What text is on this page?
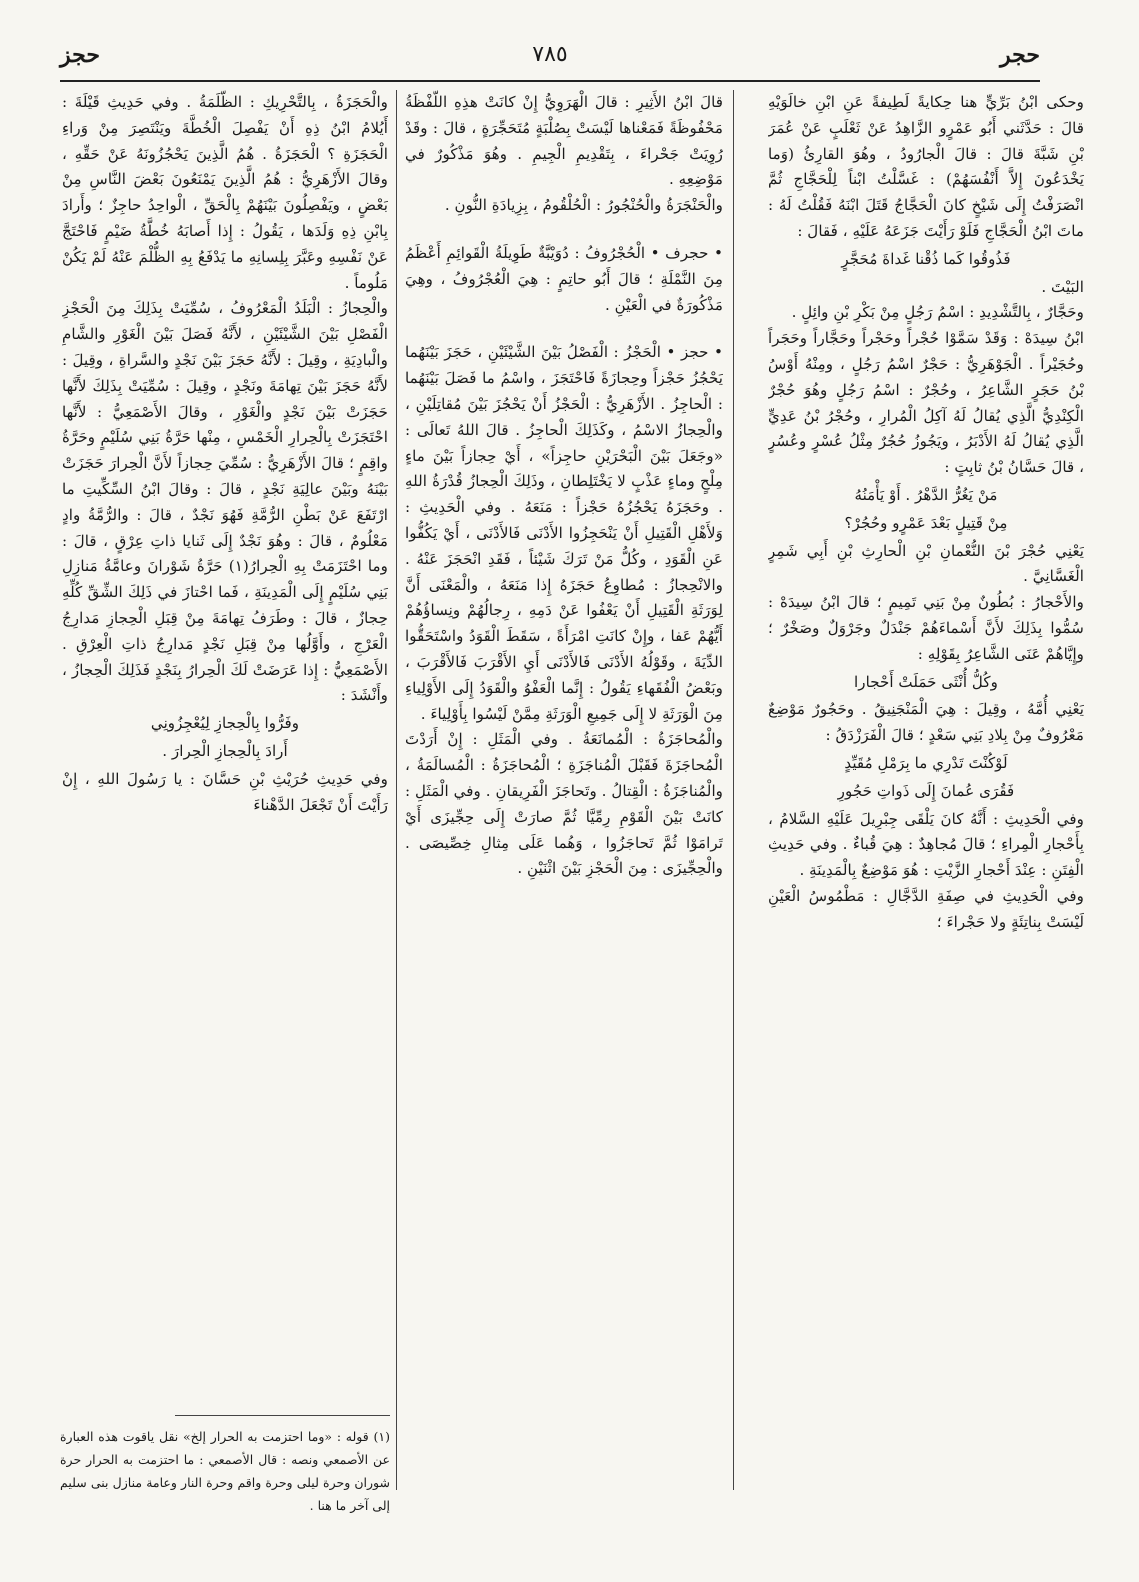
حجر
٧٨٥
حجز

وحكى ابْنُ بَرِّيٍّ هنا حِكايةً لَطِيفةً عَنِ ابْنِ خالَوَيْهِ قالَ : حَدَّثَني أَبُو عَمْرٍو الزَّاهِدُ عَنْ ثَعْلَبٍ عَنْ عُمَرَ بْنِ شَبَّةَ قالَ : قالَ الْجارُودُ ، وهُوَ القارِئُ (وَما يَخْدَعُونَ إِلاَّ أَنْفُسَهُمْ) : غَسَّلْتُ ابْناً لِلْحَجَّاجِ ثُمَّ انْصَرَفْتُ إِلَى شَيْخٍ كانَ الْحَجَّاجُ قَتَلَ ابْنَهُ فَقُلْتُ لَهُ : ماتَ ابْنُ الْحَجَّاجِ فَلَوْ رَأَيْتَ جَزَعَهُ عَلَيْهِ ، فَقالَ :

فَذُوقُوا كَما ذُقْنا غَداةَ مُحَجَّرٍ

البَيْتَ .

وحَجَّارٌ ، بِالتَّشْدِيدِ : اسْمُ رَجُلٍ مِنْ بَكْرِ بْنِ وائِلٍ .

ابْنُ سِيدَهْ : وَقَدْ سَمَّوْا حُجْراً وحَجْراً وحَجَّاراً وحَجَراً وحُجَيْراً . الْجَوْهَرِيُّ : حَجْرٌ اسْمُ رَجُلٍ ، ومِنْهُ أَوْسُ بْنُ حَجَرٍ الشَّاعِرُ ، وحُجْرٌ : اسْمُ رَجُلٍ وهُوَ حُجْرٌ الْكِنْدِيُّ الَّذِي يُقالُ لَهُ آكِلُ الْمُرارِ ، وحُجْرُ بْنُ عَدِيٍّ الَّذِي يُقالُ لَهُ الأَدْبَرُ ، ويَجُوزُ حُجُرٌ مِثْلُ عُسْرٍ وعُسُرٍ ، قالَ حَسَّانُ بْنُ ثابِتٍ :

مَنْ يَغُرُّ الدَّهْرُ . أَوْ يَأْمَنُهُ

مِنْ قَتِيلٍ بَعْدَ عَمْرٍو وحُجُرْ؟

يَعْنِي حُجْرَ بْنَ النُّعْمانِ بْنِ الْحارِثِ بْنِ أَبِي شَمِرٍ الْغَسَّانِيَّ .

والأَحْجارُ : بُطُونٌ مِنْ بَنِي تَمِيمٍ ؛ قالَ ابْنُ سِيدَهْ : سُمُّوا بِذَلِكَ لأَنَّ أَسْماءَهُمْ جَنْدَلٌ وجَرْوَلٌ وصَخْرٌ ؛ وإِيَّاهُمْ عَنَى الشَّاعِرُ بِقَوْلِهِ :

وكُلُّ أُنْثَى حَمَلَتْ أَحْجارا

يَعْنِي أُمَّهُ ، وقِيلَ : هِيَ الْمَنْجَنِيقُ . وحَجُورٌ مَوْضِعٌ مَعْرُوفٌ مِنْ بِلادِ بَنِي سَعْدٍ ؛ قالَ الْفَرَزْدَقُ :

لَوْكُنْتَ تَدْرِي ما بِرَمْلِ مُقَيِّدٍ

فَقُرَى عُمانَ إِلَى ذَواتِ حَجُورِ

وفي الْحَدِيثِ : أَنَّهُ كانَ يَلْقَى جِبْرِيلَ عَلَيْهِ السَّلامُ ، بِأَحْجارِ الْمِراءِ ؛ قالَ مُجاهِدٌ : هِيَ قُباءٌ . وفي حَدِيثِ الْفِتَنِ : عِنْدَ أَحْجارِ الزَّيْتِ : هُوَ مَوْضِعٌ بِالْمَدِينَةِ .

وفي الْحَدِيثِ في صِفَةِ الدَّجَّالِ : مَطْمُوسُ الْعَيْنِ لَيْسَتْ بِناتِئَةٍ ولا حَجْراءَ ؛

قالَ ابْنُ الأَثِيرِ : قالَ الْهَرَوِيُّ إِنْ كانَتْ هذِهِ اللَّفْظَةُ مَحْفُوظَةً فَمَعْناها لَيْسَتْ بِصُلْبَةٍ مُتَحَجِّرَةٍ ، قالَ : وقَدْ رُوِيَتْ جَحْراءَ ، بِتَقْدِيمِ الْجِيمِ . وهُوَ مَذْكُورٌ في مَوْضِعِهِ .

والْحَنْجَرَةُ والْحُنْجُورُ : الْحُلْقُومُ ، بِزِيادَةِ النُّونِ .

• حجرف • الْحُجْرُوفُ : دُوَيْبَّةٌ طَوِيلَةُ الْقَوائِمِ أَعْظَمُ مِنَ النَّمْلَةِ ؛ قالَ أَبُو حاتِمٍ : هِيَ الْعُجْرُوفُ ، وهِيَ مَذْكُورَةٌ في الْعَيْنِ .

• حجز • الْحَجْزُ : الْفَصْلُ بَيْنَ الشَّيْئَيْنِ ، حَجَزَ بَيْنَهُما يَحْجُزُ حَجْزاً وحِجازَةً فَاحْتَجَزَ ، واسْمُ ما فَصَلَ بَيْنَهُما : الْحاجِزُ . الأَزْهَرِيُّ : الْحَجْزُ أَنْ يَحْجُزَ بَيْنَ مُقاتِلَيْنِ ، والْحِجازُ الاسْمُ ، وكَذَلِكَ الْحاجِزُ . قالَ اللهُ تَعالَى : «وجَعَلَ بَيْنَ الْبَحْرَيْنِ حاجِزاً» ، أَيْ حِجازاً بَيْنَ ماءٍ مِلْحٍ وماءٍ عَذْبٍ لا يَخْتَلِطانِ ، وذَلِكَ الْحِجازُ قُدْرَةُ اللهِ . وحَجَزَهُ يَحْجُزُهُ حَجْزاً : مَنَعَهُ . وفي الْحَدِيثِ : وَلأَهْلِ الْقَتِيلِ أَنْ يَنْحَجِزُوا الأَدْنَى فَالأَدْنَى ، أَيْ يَكُفُّوا عَنِ الْقَوَدِ ، وكُلُّ مَنْ تَرَكَ شَيْئاً ، فَقَدِ انْحَجَزَ عَنْهُ . والانْحِجازُ : مُطاوِعُ حَجَزَهُ إِذا مَنَعَهُ ، والْمَعْنَى أَنَّ لِوَرَثَةِ الْقَتِيلِ أَنْ يَعْفُوا عَنْ دَمِهِ ، رِجالُهُمْ ونِساؤُهُمْ أَيُّهُمْ عَفا ، وإِنْ كانَتِ امْرَأَةً ، سَقَطَ الْقَوَدُ واسْتَحَقُّوا الدِّيَةَ ، وقَوْلُهُ الأَدْنَى فَالأَدْنَى أَيِ الأَقْرَبَ فَالأَقْرَبَ ، وبَعْضُ الْفُقَهاءِ يَقُولُ : إِنَّما الْعَفْوُ والْقَوَدُ إِلَى الأَوْلِياءِ مِنَ الْوَرَثَةِ لا إِلَى جَمِيعِ الْوَرَثَةِ مِمَّنْ لَيْسُوا بِأَوْلِياءَ .

والْمُحاجَزَةُ : الْمُمانَعَةُ . وفي الْمَثَلِ : إِنْ أَرَدْتَ الْمُحاجَزَةَ فَقَبْلَ الْمُناجَزَةِ ؛ الْمُحاجَزَةُ : الْمُسالَمَةُ ، والْمُناجَزَةُ : الْقِتالُ . وتَحاجَزَ الْفَرِيقانِ . وفي الْمَثَلِ : كانَتْ بَيْنَ الْقَوْمِ رِمِّيَّا ثُمَّ صارَتْ إِلَى حِجِّيزَى أَيْ تَرامَوْا ثُمَّ تَحاجَزُوا ، وَهُما عَلَى مِثالِ خِصِّيصَى . والْحِجِّيزَى : مِنَ الْحَجْزِ بَيْنَ اثْنَيْنِ .

والْحَجَزَةُ ، بِالتَّحْرِيكِ : الظَّلَمَةُ . وفي حَدِيثِ قَيْلَةَ : أَيُلامُ ابْنُ ذِهِ أَنْ يَفْصِلَ الْخُطَّةَ ويَنْتَصِرَ مِنْ وَراءِ الْحَجَزَةِ ؟ الْحَجَزَةُ . هُمُ الَّذِينَ يَحْجُزُونَهُ عَنْ حَقِّهِ ، وقالَ الأَزْهَرِيُّ : هُمُ الَّذِينَ يَمْنَعُونَ بَعْضَ النَّاسِ مِنْ بَعْضٍ ، ويَفْصِلُونَ بَيْنَهُمْ بِالْحَقِّ ، الْواحِدُ حاجِزٌ ؛ وأَرادَ بِابْنِ ذِهِ وَلَدَها ، يَقُولُ : إِذا أَصابَهُ خُطَّةُ ضَيْمٍ فَاحْتَجَّ عَنْ نَفْسِهِ وعَبَّرَ بِلِسانِهِ ما يَدْفَعُ بِهِ الظُّلْمَ عَنْهُ لَمْ يَكُنْ مَلُوماً .

والْحِجازُ : الْبَلَدُ الْمَعْرُوفُ ، سُمِّيَتْ بِذَلِكَ مِنَ الْحَجْزِ الْفَصْلِ بَيْنَ الشَّيْئَيْنِ ، لأَنَّهُ فَصَلَ بَيْنَ الْغَوْرِ والشَّامِ والْبادِيَةِ ، وقِيلَ : لأَنَّهُ حَجَزَ بَيْنَ نَجْدٍ والسَّراةِ ، وقِيلَ : لأَنَّهُ حَجَزَ بَيْنَ تِهامَةَ ونَجْدٍ ، وقِيلَ : سُمِّيَتْ بِذَلِكَ لأَنَّها حَجَزَتْ بَيْنَ نَجْدٍ والْغَوْرِ ، وقالَ الأَصْمَعِيُّ : لأَنَّها احْتَجَزَتْ بِالْحِرارِ الْخَمْسِ ، مِنْها حَرَّةُ بَنِي سُلَيْمٍ وحَرَّةُ واقِمٍ ؛ قالَ الأَزْهَرِيُّ : سُمِّيَ حِجازاً لأَنَّ الْحِرارَ حَجَزَتْ بَيْنَهُ وبَيْنَ عالِيَةِ نَجْدٍ ، قالَ : وقالَ ابْنُ السِّكِّيتِ ما ارْتَفَعَ عَنْ بَطْنِ الرُّمَّةِ فَهُوَ نَجْدٌ ، قالَ : والرُّمَّةُ وادٍ مَعْلُومٌ ، قالَ : وهُوَ نَجْدٌ إِلَى ثَنايا ذاتِ عِرْقٍ ، قالَ : وما احْتَزَمَتْ بِهِ الْحِرارُ(١) حَرَّةُ شَوْرانَ وعامَّةُ مَنازِلِ بَنِي سُلَيْمٍ إِلَى الْمَدِينَةِ ، فَما احْتازَ في ذَلِكَ الشِّقِّ كُلِّهِ حِجازٌ ، قالَ : وطَرَفُ تِهامَةَ مِنْ قِبَلِ الْحِجازِ مَدارِجُ الْعَرْجِ ، وأَوَّلُها مِنْ قِبَلِ نَجْدٍ مَدارِجُ ذاتِ الْعِرْقِ . الأَصْمَعِيُّ : إِذا عَرَضَتْ لَكَ الْحِرارُ بِنَجْدٍ فَذَلِكَ الْحِجازُ ، وأَنْشَدَ :

وفَرُّوا بِالْحِجازِ لِيُعْجِزُونِي

أَرادَ بِالْحِجازِ الْحِرارَ .

وفي حَدِيثِ حُرَيْثِ بْنِ حَسَّانَ : يا رَسُولَ اللهِ ، إِنْ رَأَيْتَ أَنْ تَجْعَلَ الدَّهْناءَ

(١) قوله : «وما احتزمت به الحرار إلخ» نقل ياقوت هذه العبارة عن الأصمعي ونصه : قال الأصمعي : ما احتزمت به الحرار حرة شوران وحرة ليلى وحرة واقم وحرة النار وعامة منازل بنى سليم إلى آخر ما هنا .
